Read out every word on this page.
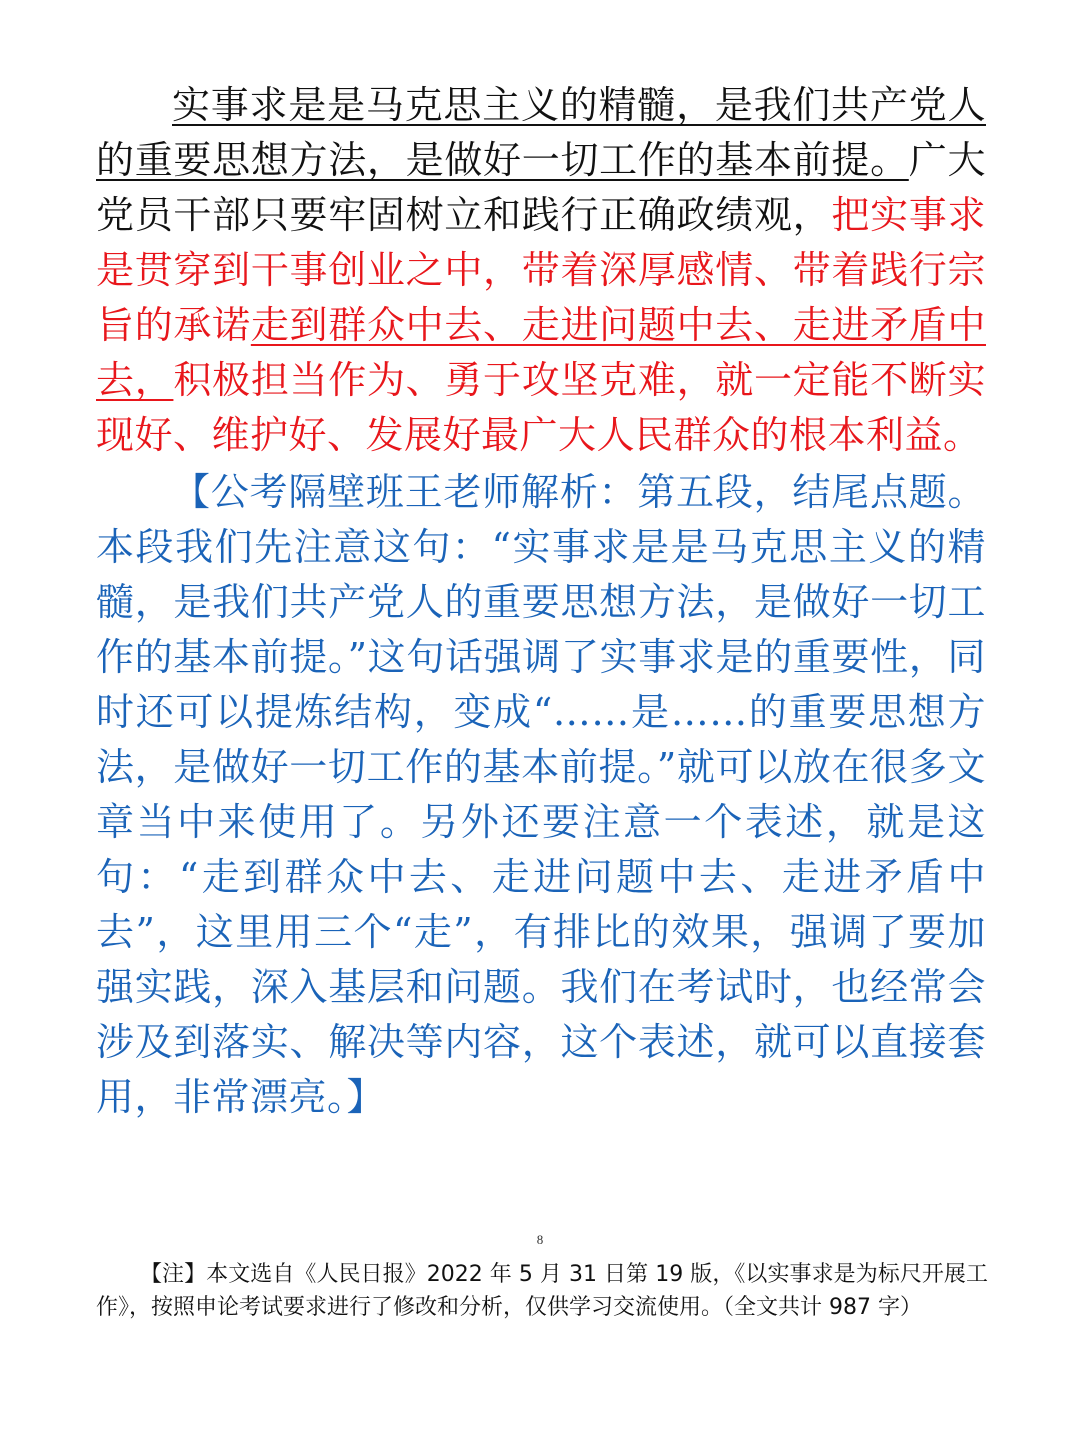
实事求是是马克思主义的精髓，是我们共产党人的重要思想方法，是做好一切工作的基本前提。广大党员干部只要牢固树立和践行正确政绩观，把实事求是贯穿到干事创业之中，带着深厚感情、带着践行宗旨的承诺走到群众中去、走进问题中去、走进矛盾中去，积极担当作为、勇于攻坚克难，就一定能不断实现好、维护好、发展好最广大人民群众的根本利益。

【公考隔壁班王老师解析：第五段，结尾点题。本段我们先注意这句：“实事求是是马克思主义的精髓，是我们共产党人的重要思想方法，是做好一切工作的基本前提。”这句话强调了实事求是的重要性，同时还可以提炼结构，变成“……是……的重要思想方法，是做好一切工作的基本前提。”就可以放在很多文章当中来使用了。另外还要注意一个表述，就是这句：“走到群众中去、走进问题中去、走进矛盾中去”，这里用三个“走”，有排比的效果，强调了要加强实践，深入基层和问题。我们在考试时，也经常会涉及到落实、解决等内容，这个表述，就可以直接套用，非常漂亮。】

8

【注】本文选自《人民日报》2022 年 5 月 31 日第 19 版，《以实事求是为标尺开展工作》，按照申论考试要求进行了修改和分析，仅供学习交流使用。（全文共计 987 字）
